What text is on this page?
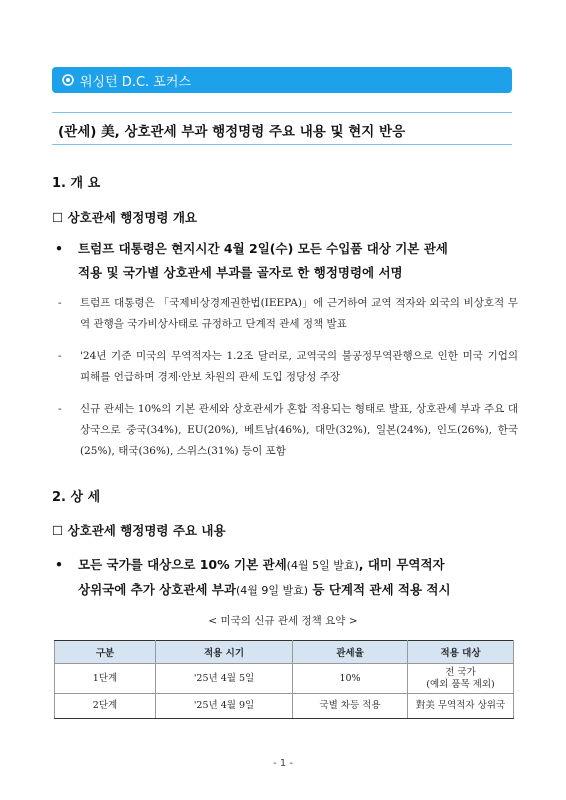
워싱턴 D.C. 포커스
(관세) 美, 상호관세 부과 행정명령 주요 내용 및 현지 반응
1. 개 요
☐ 상호관세 행정명령 개요
• 트럼프 대통령은 현지시간 4월 2일(수) 모든 수입품 대상 기본 관세
적용 및 국가별 상호관세 부과를 골자로 한 행정명령에 서명
- 트럼프 대통령은 「국제비상경제권한법(IEEPA)」에 근거하여 교역 적자와 외국의 비상호적 무역 관행을 국가비상사태로 규정하고 단계적 관세 정책 발표
- '24년 기준 미국의 무역적자는 1.2조 달러로, 교역국의 불공정무역관행으로 인한 미국 기업의 피해를 언급하며 경제·안보 차원의 관세 도입 정당성 주장
- 신규 관세는 10%의 기본 관세와 상호관세가 혼합 적용되는 형태로 발표, 상호관세 부과 주요 대상국으로 중국(34%), EU(20%), 베트남(46%), 대만(32%), 일본(24%), 인도(26%), 한국(25%), 태국(36%), 스위스(31%) 등이 포함
2. 상 세
☐ 상호관세 행정명령 주요 내용
• 모든 국가를 대상으로 10% 기본 관세(4월 5일 발효), 대미 무역적자
상위국에 추가 상호관세 부과(4월 9일 발효) 등 단계적 관세 적용 적시
< 미국의 신규 관세 정책 요약 >
구분	적용 시기	관세율	적용 대상
1단계	'25년 4월 5일	10%	전 국가
(예외 품목 제외)
2단계	'25년 4월 9일	국별 차등 적용	對美 무역적자 상위국
- 1 -
